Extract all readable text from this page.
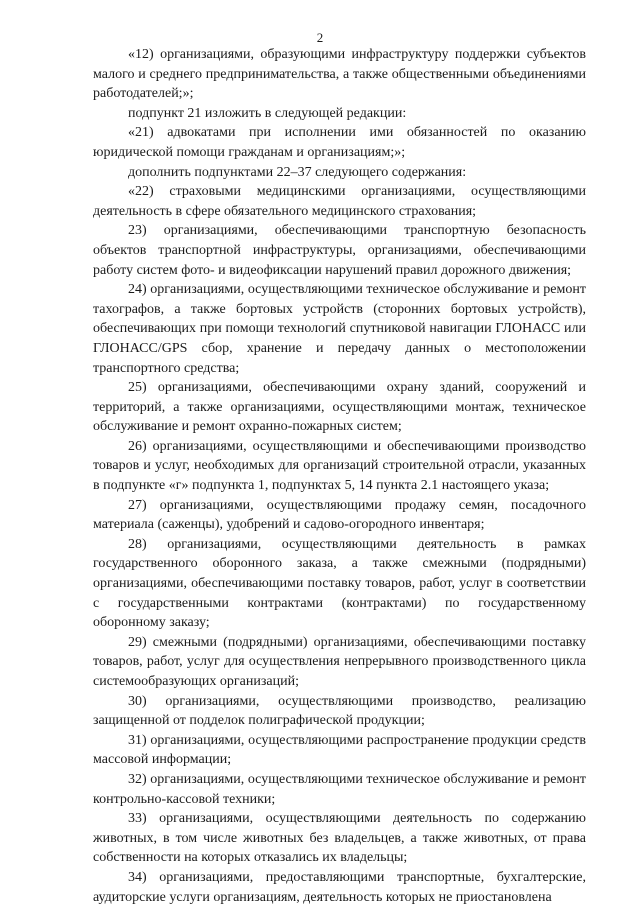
2

«12) организациями, образующими инфраструктуру поддержки субъектов малого и среднего предпринимательства, а также общественными объединениями работодателей;»;

подпункт 21 изложить в следующей редакции:

«21) адвокатами при исполнении ими обязанностей по оказанию юридической помощи гражданам и организациям;»;

дополнить подпунктами 22–37 следующего содержания:

«22) страховыми медицинскими организациями, осуществляющими деятельность в сфере обязательного медицинского страхования;

23) организациями, обеспечивающими транспортную безопасность объектов транспортной инфраструктуры, организациями, обеспечивающими работу систем фото- и видеофиксации нарушений правил дорожного движения;

24) организациями, осуществляющими техническое обслуживание и ремонт тахографов, а также бортовых устройств (сторонних бортовых устройств), обеспечивающих при помощи технологий спутниковой навигации ГЛОНАСС или ГЛОНАСС/GPS сбор, хранение и передачу данных о местоположении транспортного средства;

25) организациями, обеспечивающими охрану зданий, сооружений и территорий, а также организациями, осуществляющими монтаж, техническое обслуживание и ремонт охранно-пожарных систем;

26) организациями, осуществляющими и обеспечивающими производство товаров и услуг, необходимых для организаций строительной отрасли, указанных в подпункте «г» подпункта 1, подпунктах 5, 14 пункта 2.1 настоящего указа;

27) организациями, осуществляющими продажу семян, посадочного материала (саженцы), удобрений и садово-огородного инвентаря;

28) организациями, осуществляющими деятельность в рамках государственного оборонного заказа, а также смежными (подрядными) организациями, обеспечивающими поставку товаров, работ, услуг в соответствии с государственными контрактами (контрактами) по государственному оборонному заказу;

29) смежными (подрядными) организациями, обеспечивающими поставку товаров, работ, услуг для осуществления непрерывного производственного цикла системообразующих организаций;

30) организациями, осуществляющими производство, реализацию защищенной от подделок полиграфической продукции;

31) организациями, осуществляющими распространение продукции средств массовой информации;

32) организациями, осуществляющими техническое обслуживание и ремонт контрольно-кассовой техники;

33) организациями, осуществляющими деятельность по содержанию животных, в том числе животных без владельцев, а также животных, от права собственности на которых отказались их владельцы;

34) организациями, предоставляющими транспортные, бухгалтерские, аудиторские услуги организациям, деятельность которых не приостановлена
